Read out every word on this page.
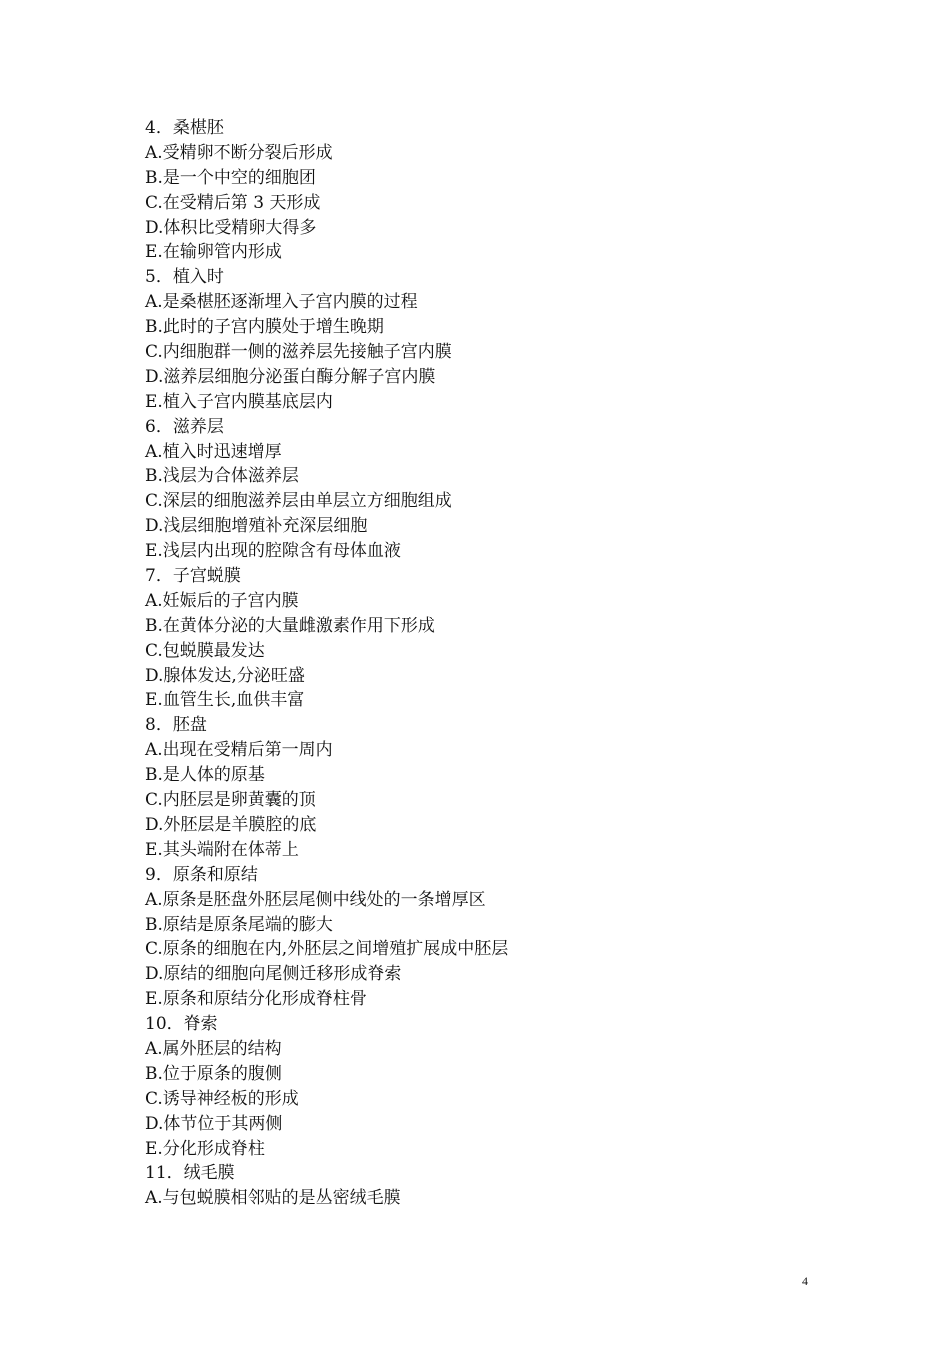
4．桑椹胚
A.受精卵不断分裂后形成
B.是一个中空的细胞团
C.在受精后第 3 天形成
D.体积比受精卵大得多
E.在输卵管内形成
5．植入时
A.是桑椹胚逐渐埋入子宫内膜的过程
B.此时的子宫内膜处于增生晚期
C.内细胞群一侧的滋养层先接触子宫内膜
D.滋养层细胞分泌蛋白酶分解子宫内膜
E.植入子宫内膜基底层内
6．滋养层
A.植入时迅速增厚
B.浅层为合体滋养层
C.深层的细胞滋养层由单层立方细胞组成
D.浅层细胞增殖补充深层细胞
E.浅层内出现的腔隙含有母体血液
7．子宫蜕膜
A.妊娠后的子宫内膜
B.在黄体分泌的大量雌激素作用下形成
C.包蜕膜最发达
D.腺体发达,分泌旺盛
E.血管生长,血供丰富
8．胚盘
A.出现在受精后第一周内
B.是人体的原基
C.内胚层是卵黄囊的顶
D.外胚层是羊膜腔的底
E.其头端附在体蒂上
9．原条和原结
A.原条是胚盘外胚层尾侧中线处的一条增厚区
B.原结是原条尾端的膨大
C.原条的细胞在内,外胚层之间增殖扩展成中胚层
D.原结的细胞向尾侧迁移形成脊索
E.原条和原结分化形成脊柱骨
10．脊索
A.属外胚层的结构
B.位于原条的腹侧
C.诱导神经板的形成
D.体节位于其两侧
E.分化形成脊柱
11．绒毛膜
A.与包蜕膜相邻贴的是丛密绒毛膜
4
